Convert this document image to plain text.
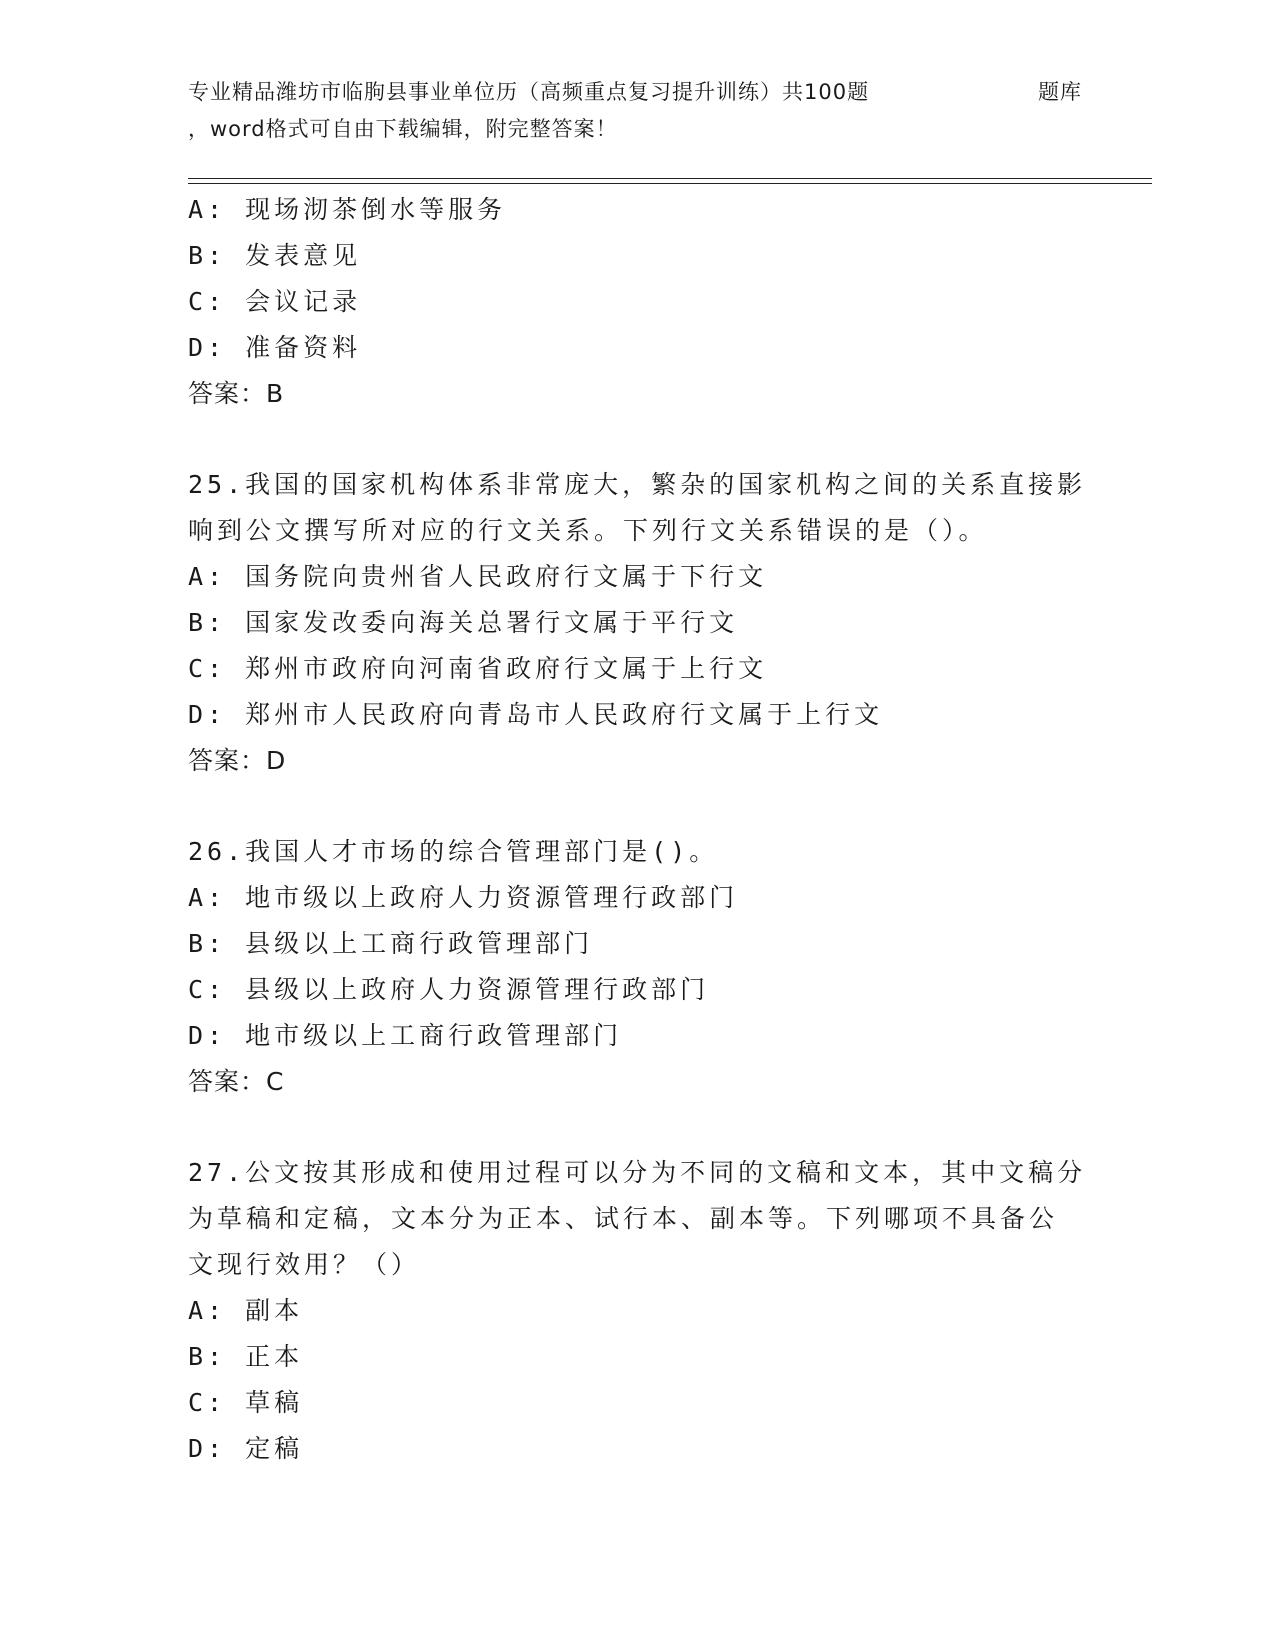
专业精品潍坊市临朐县事业单位历（高频重点复习提升训练）共100题	题库
，word格式可自由下载编辑，附完整答案！
A: 现场沏茶倒水等服务
B: 发表意见
C: 会议记录
D: 准备资料
答案：B
25.我国的国家机构体系非常庞大，繁杂的国家机构之间的关系直接影
响到公文撰写所对应的行文关系。下列行文关系错误的是（）。
A: 国务院向贵州省人民政府行文属于下行文
B: 国家发改委向海关总署行文属于平行文
C: 郑州市政府向河南省政府行文属于上行文
D: 郑州市人民政府向青岛市人民政府行文属于上行文
答案：D
26.我国人才市场的综合管理部门是()。
A: 地市级以上政府人力资源管理行政部门
B: 县级以上工商行政管理部门
C: 县级以上政府人力资源管理行政部门
D: 地市级以上工商行政管理部门
答案：C
27.公文按其形成和使用过程可以分为不同的文稿和文本，其中文稿分
为草稿和定稿，文本分为正本、试行本、副本等。下列哪项不具备公
文现行效用？（）
A: 副本
B: 正本
C: 草稿
D: 定稿
